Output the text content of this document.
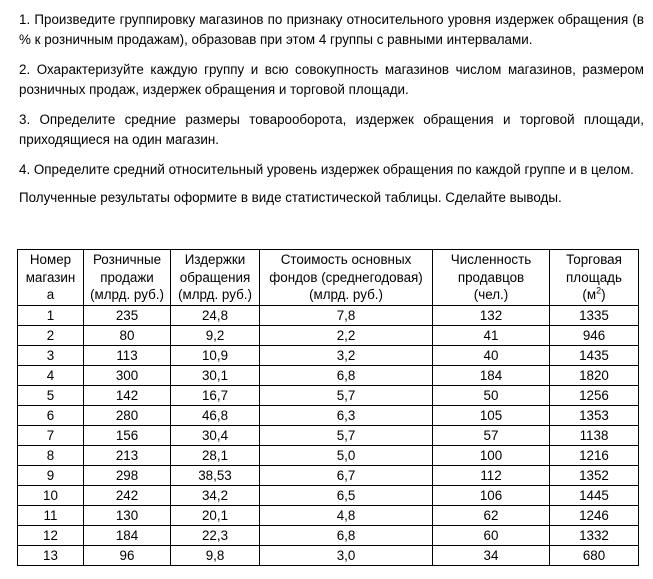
1. Произведите группировку магазинов по признаку относительного уровня издержек обращения (в % к розничным продажам), образовав при этом 4 группы с равными интервалами.
2. Охарактеризуйте каждую группу и всю совокупность магазинов числом магазинов, размером розничных продаж, издержек обращения и торговой площади.
3. Определите средние размеры товарооборота, издержек обращения и торговой площади, приходящиеся на один магазин.
4. Определите средний относительный уровень издержек обращения по каждой группе и в целом.
Полученные результаты оформите в виде статистической таблицы. Сделайте выводы.
Номер
магазин
а	Розничные
продажи
(млрд. руб.)	Издержки
обращения
(млрд. руб.)	Стоимость основных
фондов (среднегодовая)
(млрд. руб.)	Численность
продавцов
(чел.)	Торговая
площадь
$(м^2)$

1	235	24,8	7,8	132	1335
2	80	9,2	2,2	41	946
3	113	10,9	3,2	40	1435
4	300	30,1	6,8	184	1820
5	142	16,7	5,7	50	1256
6	280	46,8	6,3	105	1353
7	156	30,4	5,7	57	1138
8	213	28,1	5,0	100	1216
9	298	38,53	6,7	112	1352
10	242	34,2	6,5	106	1445
11	130	20,1	4,8	62	1246
12	184	22,3	6,8	60	1332
13	96	9,8	3,0	34	680
